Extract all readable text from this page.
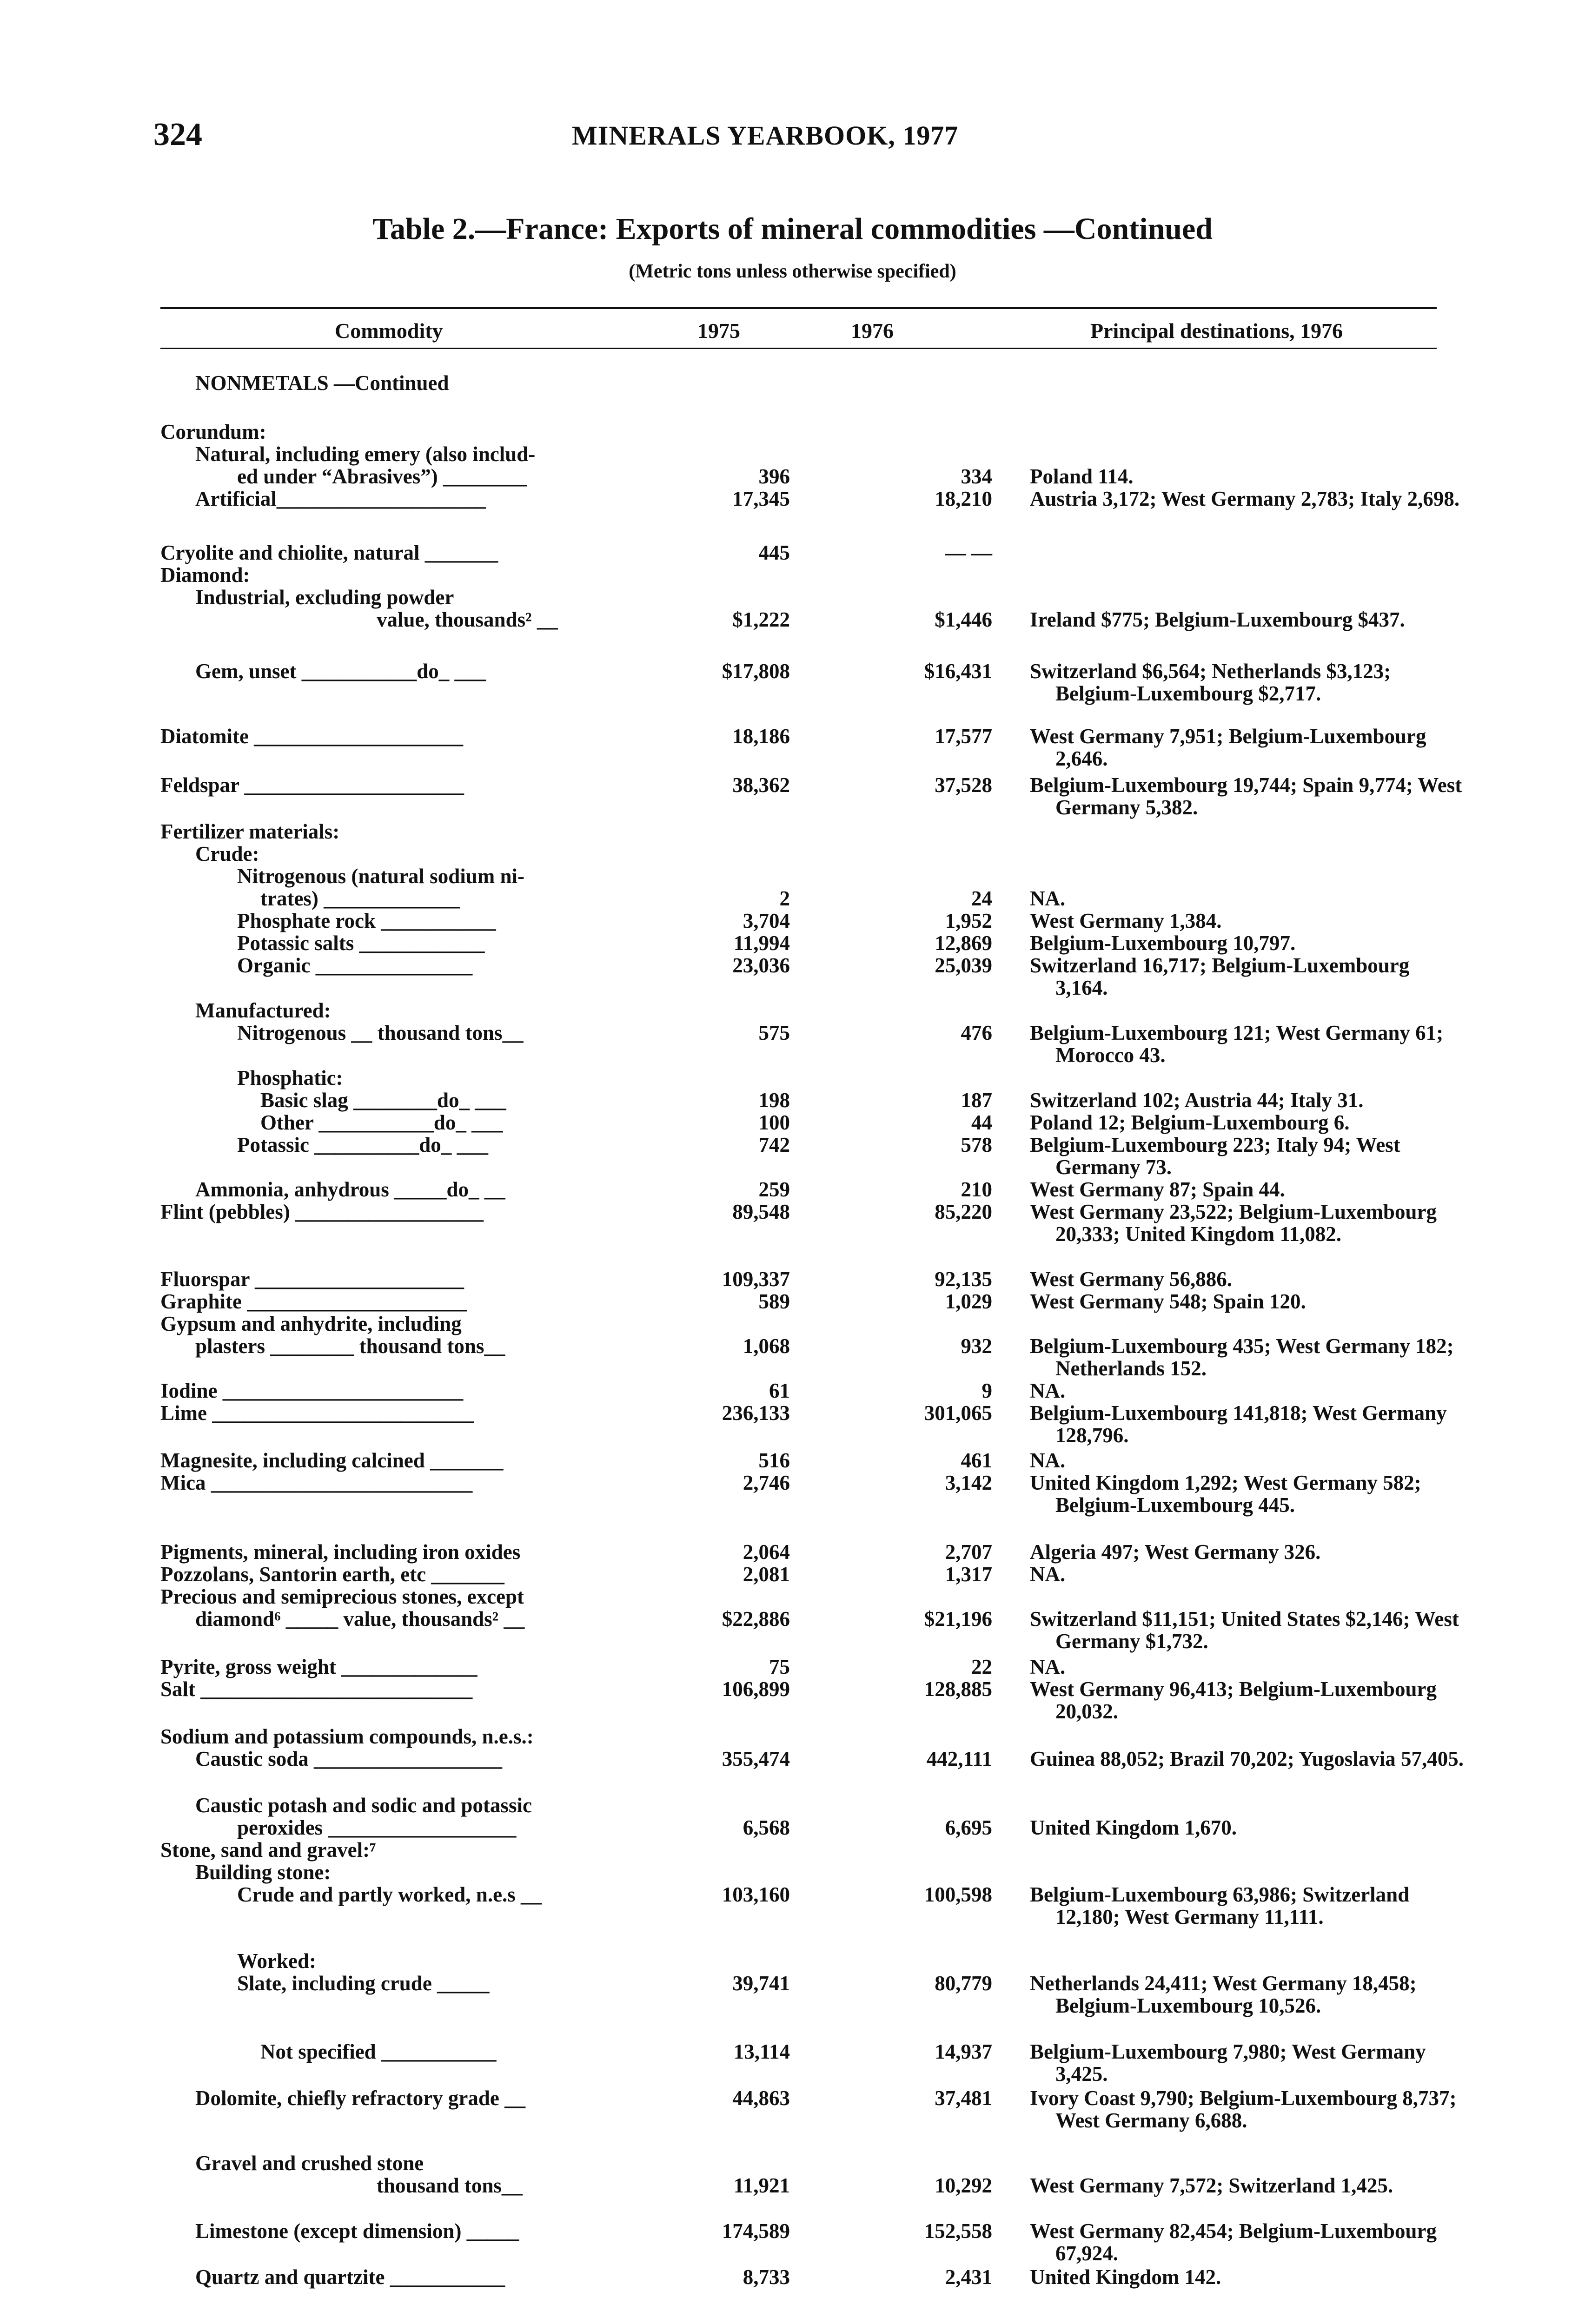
324	MINERALS YEARBOOK, 1977
Table 2.—France: Exports of mineral commodities —Continued
(Metric tons unless otherwise specified)
Commodity	1975	1976	Principal destinations, 1976
NONMETALS —Continued
Corundum:
Natural, including emery (also includ-
ed under “Abrasives”) ________	396	334 Poland 114.
Artificial____________________	17,345	18,210 Austria 3,172; West Germany 2,783; Italy 2,698.
Cryolite and chiolite, natural _______	445	— —
Diamond:
Industrial, excluding powder
value, thousands² __	$1,222	$1,446 Ireland $775; Belgium-Luxembourg $437.
Gem, unset ___________do_ ___	$17,808	$16,431 Switzerland $6,564; Netherlands $3,123; Belgium-Luxembourg $2,717.
Diatomite ____________________	18,186	17,577 West Germany 7,951; Belgium-Luxembourg 2,646.
Feldspar _____________________	38,362	37,528 Belgium-Luxembourg 19,744; Spain 9,774; West Germany 5,382.
Fertilizer materials:
Crude:
Nitrogenous (natural sodium ni-
trates) _____________	2	24 NA.
Phosphate rock ___________	3,704	1,952 West Germany 1,384.
Potassic salts ____________	11,994	12,869 Belgium-Luxembourg 10,797.
Organic _______________	23,036	25,039 Switzerland 16,717; Belgium-Luxembourg 3,164.
Manufactured:
Nitrogenous __ thousand tons__	575	476 Belgium-Luxembourg 121; West Germany 61; Morocco 43.
Phosphatic:
Basic slag ________do_ ___	198	187 Switzerland 102; Austria 44; Italy 31.
Other ___________do_ ___	100	44 Poland 12; Belgium-Luxembourg 6.
Potassic __________do_ ___	742	578 Belgium-Luxembourg 223; Italy 94; West Germany 73.
Ammonia, anhydrous _____do_ __	259	210 West Germany 87; Spain 44.
Flint (pebbles) __________________	89,548	85,220 West Germany 23,522; Belgium-Luxembourg 20,333; United Kingdom 11,082.
Fluorspar ____________________	109,337	92,135 West Germany 56,886.
Graphite _____________________	589	1,029 West Germany 548; Spain 120.
Gypsum and anhydrite, including
plasters ________ thousand tons__	1,068	932 Belgium-Luxembourg 435; West Germany 182; Netherlands 152.
Iodine _______________________	61	9 NA.
Lime _________________________	236,133	301,065 Belgium-Luxembourg 141,818; West Germany 128,796.
Magnesite, including calcined _______	516	461 NA.
Mica _________________________	2,746	3,142 United Kingdom 1,292; West Germany 582; Belgium-Luxembourg 445.
Pigments, mineral, including iron oxides	2,064	2,707 Algeria 497; West Germany 326.
Pozzolans, Santorin earth, etc _______	2,081	1,317 NA.
Precious and semiprecious stones, except
diamond⁶ _____ value, thousands² __	$22,886	$21,196 Switzerland $11,151; United States $2,146; West Germany $1,732.
Pyrite, gross weight _____________	75	22 NA.
Salt __________________________	106,899	128,885 West Germany 96,413; Belgium-Luxembourg 20,032.
Sodium and potassium compounds, n.e.s.:
Caustic soda __________________	355,474	442,111 Guinea 88,052; Brazil 70,202; Yugoslavia 57,405.
Caustic potash and sodic and potassic
peroxides __________________	6,568	6,695 United Kingdom 1,670.
Stone, sand and gravel:⁷
Building stone:
Crude and partly worked, n.e.s __	103,160	100,598 Belgium-Luxembourg 63,986; Switzerland 12,180; West Germany 11,111.
Worked:
Slate, including crude _____	39,741	80,779 Netherlands 24,411; West Germany 18,458; Belgium-Luxembourg 10,526.
Not specified ___________	13,114	14,937 Belgium-Luxembourg 7,980; West Germany 3,425.
Dolomite, chiefly refractory grade __	44,863	37,481 Ivory Coast 9,790; Belgium-Luxembourg 8,737; West Germany 6,688.
Gravel and crushed stone
thousand tons__	11,921	10,292 West Germany 7,572; Switzerland 1,425.
Limestone (except dimension) _____	174,589	152,558 West Germany 82,454; Belgium-Luxembourg 67,924.
Quartz and quartzite ___________	8,733	2,431 United Kingdom 142.
